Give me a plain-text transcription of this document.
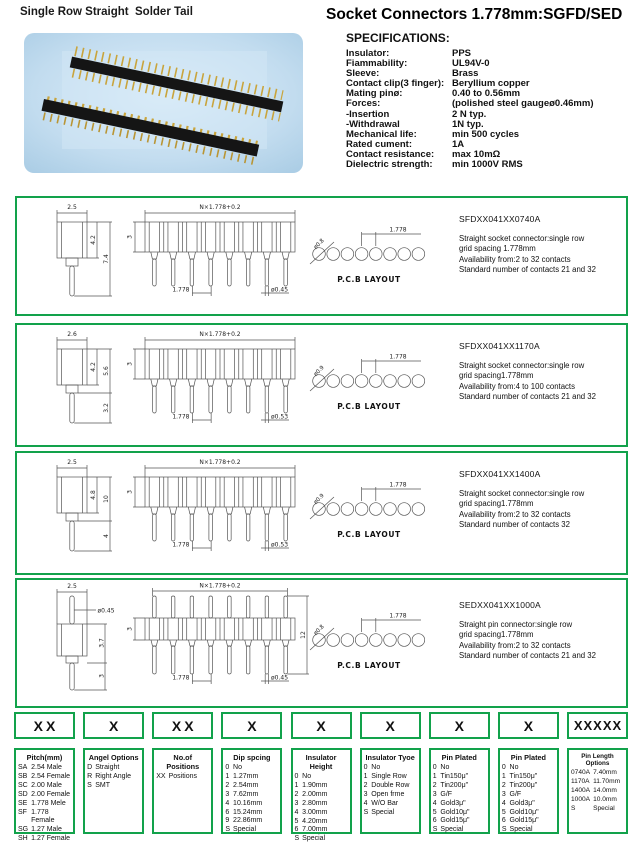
Single Row Straight  Solder Tail	Socket Connectors 1.778mm:SGFD/SED
SPECIFICATIONS:
Insulator:	PPS
Fiammability:	UL94V-0
Sleeve:	Brass
Contact clip(3 finger): Beryllium copper
Mating pinø:	0.40 to 0.56mm
Forces:	(polished steel gaugeø0.46mm)
-Insertion	2 N typ.
-Withdrawal	1N typ.
Mechanical life:	min 500 cycles
Rated cument:	1A
Contact resistance:	max 10mΩ
Dielectric strength:	min 1000V RMS
2.5
4.2
7.4
N×1.778+0.2
3
1.778	ø0.45
ø0.8
1.778
P.C.B LAYOUT
SFDXX041XX0740A
Straight socket connector:single row
grid spacing 1.778mm
Availability from:2 to 32 contacts
Standard number of contacts 21 and 32
2.6
4.2 5.6
3.2
N×1.778+0.2
3
1.778	ø0.53
ø0.9
1.778
P.C.B LAYOUT
SFDXX041XX1170A
Straight socket connector:single row
grid spacing1.778mm
Availability from:4 to 100 contacts
Standard number of contacts 21 and 32
2.5
4.8 10
4
N×1.778+0.2
3
1.778	ø0.53
ø0.9
1.778
P.C.B LAYOUT
SFDXX041XX1400A
Straight socket connector:single row
grid spacing1.778mm
Availability from:2 to 32 contacts
Standard number of contacts 32
2.5
ø0.45
3.7
3
N×1.778+0.2
3
12
1.778	ø0.45
ø0.8
1.778
P.C.B LAYOUT
SEDXX041XX1000A
Straight pin connector:single row
grid spacing1.778mm
Availability from:2 to 32 contacts
Standard number of contacts 21 and 32
XX
Pitch(mm)
SA 2.54 Male
SB 2.54 Female
SC 2.00 Male
SD 2.00 Female
SE 1.778 Mele
SF 1.778 Female
SG 1.27 Male
SH 1.27 Female
X
Angel Options
D Straight
R Right Angle
S SMT
XX
No.of Positions
XX Positions
X
Dip spcing
0 No
1 1.27mm
2 2.54mm
3 7.62mm
4 10.16mm
6 15.24mm
9 22.86mm
S Special
X
Insulator Height
0 No
1 1.90mm
2 2.00mm
3 2.80mm
4 3.00mm
5 4.20mm
6 7.00mm
S Special
X
Insulator Tyoe
0 No
1 Single Row
2 Double Row
3 Open frme
4 W/O Bar
S Special
X
Pin Plated
0 No
1 Tin150μ"
2 Tin200μ"
3 G/F
4 Gold3μ"
5 Gold10μ"
6 Gold15μ"
S Special
X
Pin Plated
0 No
1 Tin150μ"
2 Tin200μ"
3 G/F
4 Gold3μ"
5 Gold10μ"
6 Gold15μ"
S Special
XXXXX
Pin Length Options
0740A 7.40mm
1170A 11.70mm
1400A 14.0mm
1000A 10.0mm
S	Special
